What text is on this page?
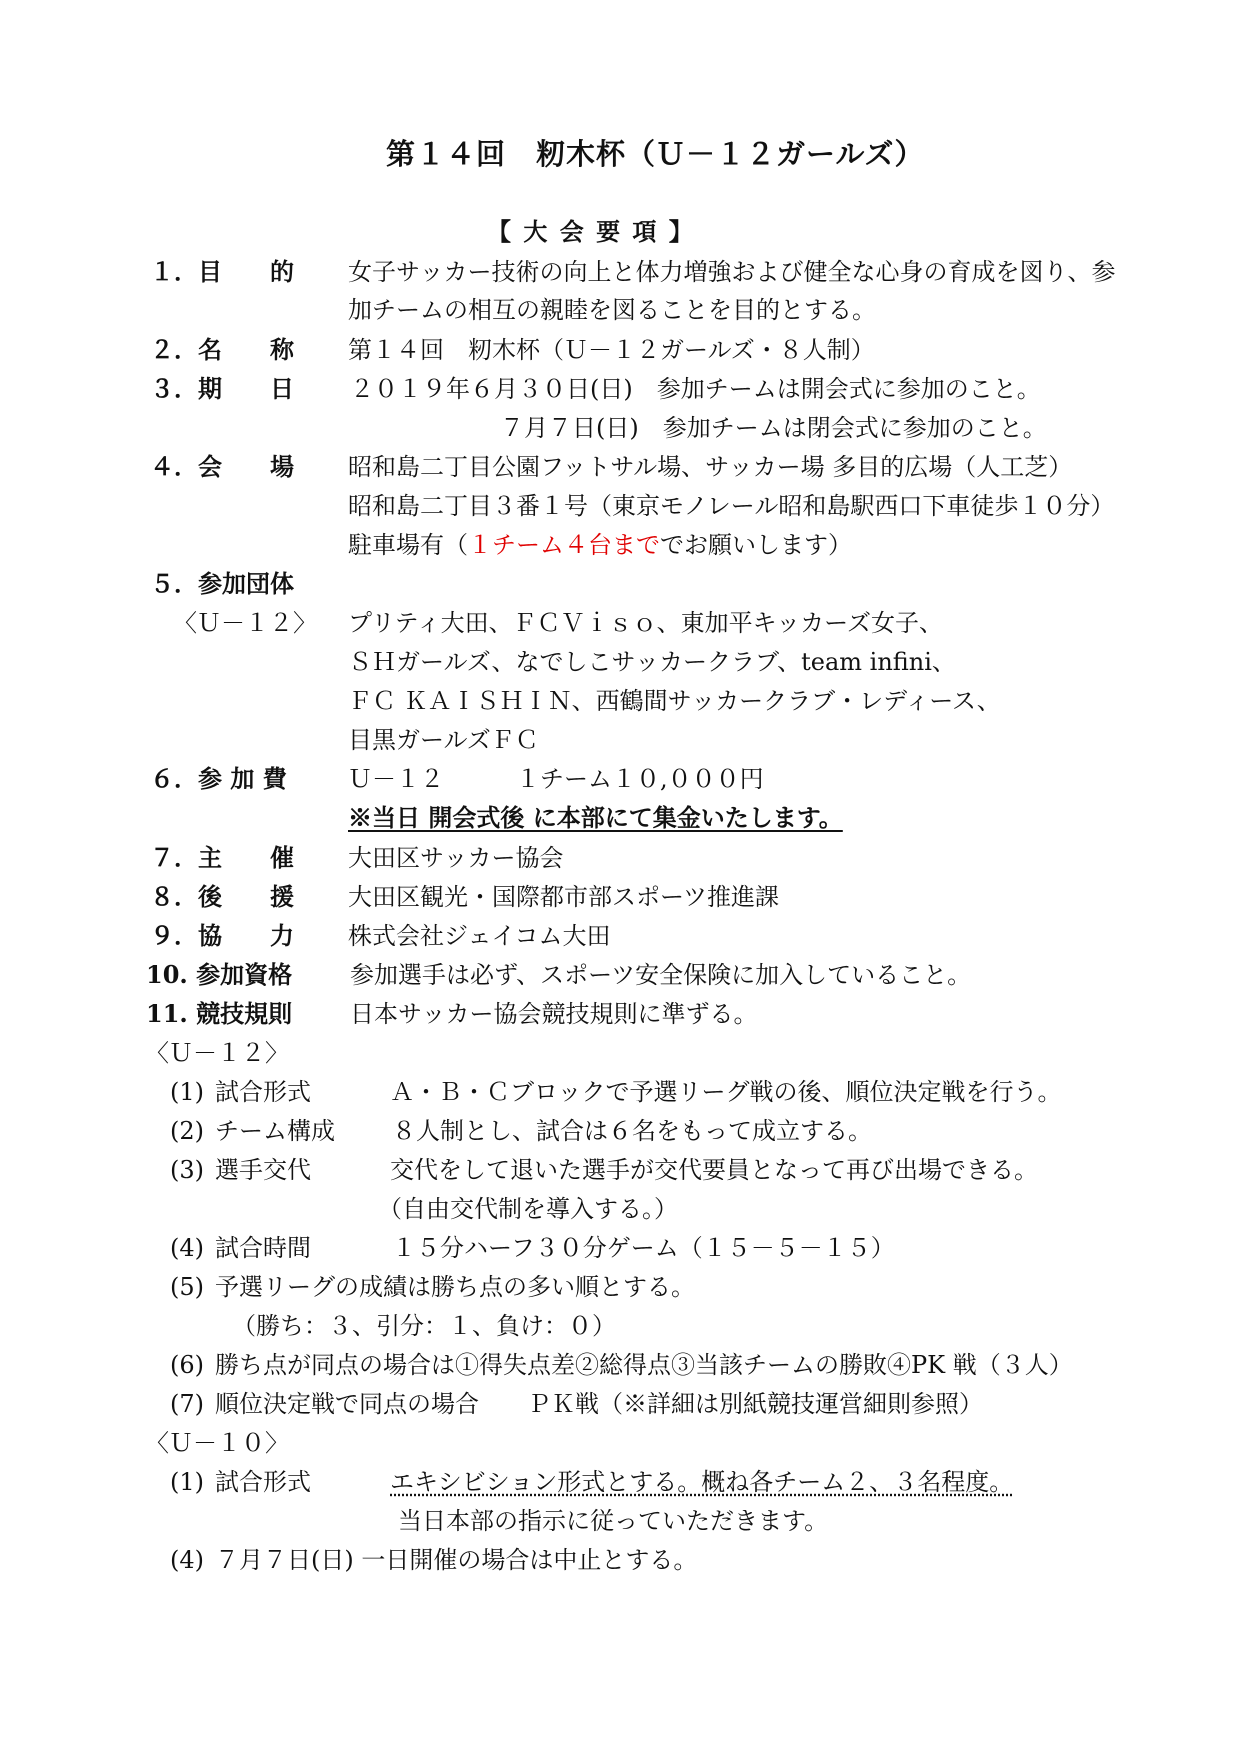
第１４回　籾木杯（Ｕ－１２ガールズ）
【 大 会 要 項 】
１．目　　的 女子サッカー技術の向上と体力増強および健全な心身の育成を図り、参
加チームの相互の親睦を図ることを目的とする。
２．名　　称 第１４回　籾木杯（Ｕ－１２ガールズ・８人制）
３．期　　日 ２０１９年６月３０日(日)　参加チームは開会式に参加のこと。
７月７日(日)　参加チームは閉会式に参加のこと。
４．会　　場 昭和島二丁目公園フットサル場、サッカー場 多目的広場（人工芝）
昭和島二丁目３番１号（東京モノレール昭和島駅西口下車徒歩１０分）
駐車場有（１チーム４台まででお願いします）
５．参加団体
〈Ｕ－１２〉 プリティ大田、ＦＣＶｉｓｏ、東加平キッカーズ女子、
ＳＨガールズ、なでしこサッカークラブ、team infini、
ＦＣ ＫＡＩＳＨＩＮ、西鶴間サッカークラブ・レディース、
目黒ガールズＦＣ
６．参 加 費	Ｕ－１２　　　１チーム１０,０００円
※当日 開会式後 に本部にて集金いたします。
７．主　　催 大田区サッカー協会
８．後　　援 大田区観光・国際都市部スポーツ推進課
９．協　　力 株式会社ジェイコム大田
10. 参加資格 参加選手は必ず、スポーツ安全保険に加入していること。
11. 競技規則 日本サッカー協会競技規則に準ずる。
〈Ｕ－１２〉
(1) 試合形式	Ａ・Ｂ・Ｃブロックで予選リーグ戦の後、順位決定戦を行う。
(2) チーム構成 ８人制とし、試合は６名をもって成立する。
(3) 選手交代	交代をして退いた選手が交代要員となって再び出場できる。
（自由交代制を導入する。）
(4) 試合時間	１５分ハーフ３０分ゲーム（１５－５－１５）
(5) 予選リーグの成績は勝ち点の多い順とする。
（勝ち：３、引分：１、負け：０）
(6) 勝ち点が同点の場合は①得失点差②総得点③当該チームの勝敗④PK 戦（３人）
(7) 順位決定戦で同点の場合　　ＰＫ戦（※詳細は別紙競技運営細則参照）
〈Ｕ－１０〉
(1) 試合形式	エキシビション形式とする。概ね各チーム２、３名程度。
当日本部の指示に従っていただきます。
(4) ７月７日(日) 一日開催の場合は中止とする。
